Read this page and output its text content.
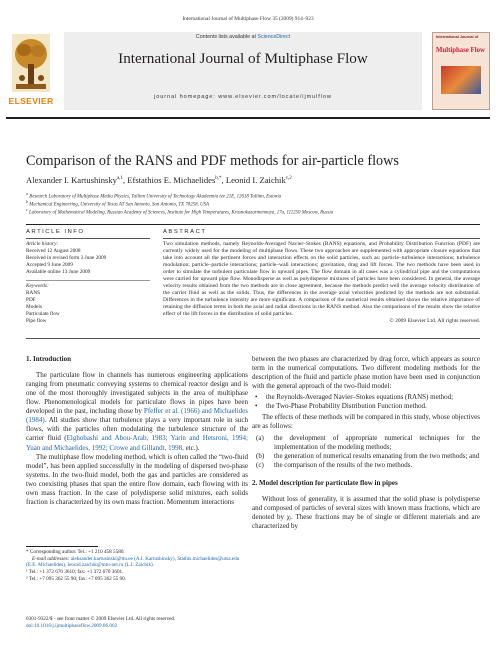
International Journal of Multiphase Flow 35 (2009) 914–923
ELSEVIER
Contents lists available at ScienceDirect
International Journal of Multiphase Flow
journal homepage: www.elsevier.com/locate/ijmulflow
International Journal of
Multiphase Flow
Comparison of the RANS and PDF methods for air-particle flows
Alexander I. Kartushinsky$^{a,1}$, Efstathios E. Michaelides$^{b,*}$, Leonid I. Zaichik$^{c,2}$
$^a$ Research Laboratory of Multiphase Media Physics, Tallinn University of Technology Akadeemia tee 21E, 12618 Tallinn, Estonia
$^b$ Mechanical Engineering, University of Texas AT San Antonio, San Antonio, TX 78258, USA
$^c$ Laboratory of Mathematical Modeling, Russian Academy of Sciences, Institute for High Temperatures, Krasnokazarmennaya, 17a, 111250 Moscow, Russia
ARTICLE INFO	ABSTRACT
Article history:
Received 12 August 2008
Received in revised form 3 June 2009
Accepted 9 June 2009
Available online 13 June 2009
Keywords:
RANS
PDF
Models
Particulate flow
Pipe flow
Two simulation methods, namely Reynolds-Averaged Navier–Stokes (RANS) equations, and Probability Distribution Function (PDF) are currently widely used for the modeling of multiphase flows. These two approaches are supplemented with appropriate closure equations that take into account all the pertinent forces and interaction effects on the solid particles, such as: particle–turbulence interactions; turbulence modulation; particle–particle interactions; particle–wall interactions; gravitation, drag and lift forces. The two methods have been used in order to simulate the turbulent particulate flow in upward pipes. The flow domain in all cases was a cylindrical pipe and the computations were carried for upward pipe flow. Monodisperse as well as polydisperse mixtures of particles have been considered. In general, the average velocity results obtained from the two methods are in close agreement, because the methods predict well the average velocity distribution of the carrier fluid as well as the solids. Thus, the differences in the average axial velocities predicted by the methods are not substantial. Differences in the turbulence intensity are more significant. A comparison of the numerical results obtained shows the relative importance of retaining the diffusion terms in both the axial and radial directions in the RANS method. Also the comparisons of the results show the relative effect of the lift forces in the distribution of solid particles.
© 2009 Elsevier Ltd. All rights reserved.
1. Introduction

The particulate flow in channels has numerous engineering applications ranging from pneumatic conveying systems to chemical reactor design and is one of the most thoroughly investigated subjects in the area of multiphase flow. Phenomenological models for particulate flows in pipes have been developed in the past, including those by Pfeffer et al. (1966) and Michaelides (1984). All studies show that turbulence plays a very important role in such flows, with the particles often modulating the turbulence structure of the carrier fluid (Elghobashi and Abou-Arab, 1983; Yarin and Hetsroni, 1994; Yuan and Michaelides, 1992; Crowe and Gillandt, 1998, etc.).

The multiphase flow modeling method, which is often called the “two-fluid model”, has been applied successfully in the modeling of dispersed two-phase systems. In the two-fluid model, both the gas and particles are considered as two coexisting phases that span the entire flow domain, each flowing with its own mass fraction. In the case of polydisperse solid mixtures, each solids fraction is characterized by its own mass fraction. Momentum interactions

* Corresponding author. Tel.: +1 210 458 5580.
E-mail addresses: aleksander.kartusinski@ttu.ee (A.I. Kartushinsky), Stathis.michaelides@utsa.edu (E.E. Michaelides), leonid.zaichik@mtu-net.ru (L.I. Zaichik).
¹ Tel.: +1 372 670 3610; fax: +1 372 670 3601.
² Tel.: +7 095 362 55 90; fax: +7 095 362 55 90.
0301-9322/$ - see front matter © 2009 Elsevier Ltd. All rights reserved.
doi:10.1016/j.ijmultiphaseflow.2009.06.002

between the two phases are characterized by drag force, which appears as source term in the numerical computations. Two different modeling methods for the description of the fluid and particle phase motion have been used in conjunction with the general approach of the two-fluid model:

• the Reynolds-Averaged Navier–Stokes equations (RANS) method;
• the Two-Phase Probability Distribution Function method.

The effects of these methods will be compared in this study, whose objectives are as follows:

(a) the development of appropriate numerical techniques for the implementation of the modeling methods;
(b) the generation of numerical results emanating from the two methods; and
(c) the comparison of the results of the two methods.
2. Model description for particulate flow in pipes

Without loss of generality, it is assumed that the solid phase is polydisperse and composed of particles of several sizes with known mass fractions, which are denoted by χᵢ. These fractions may be of single or different materials and are characterized by
